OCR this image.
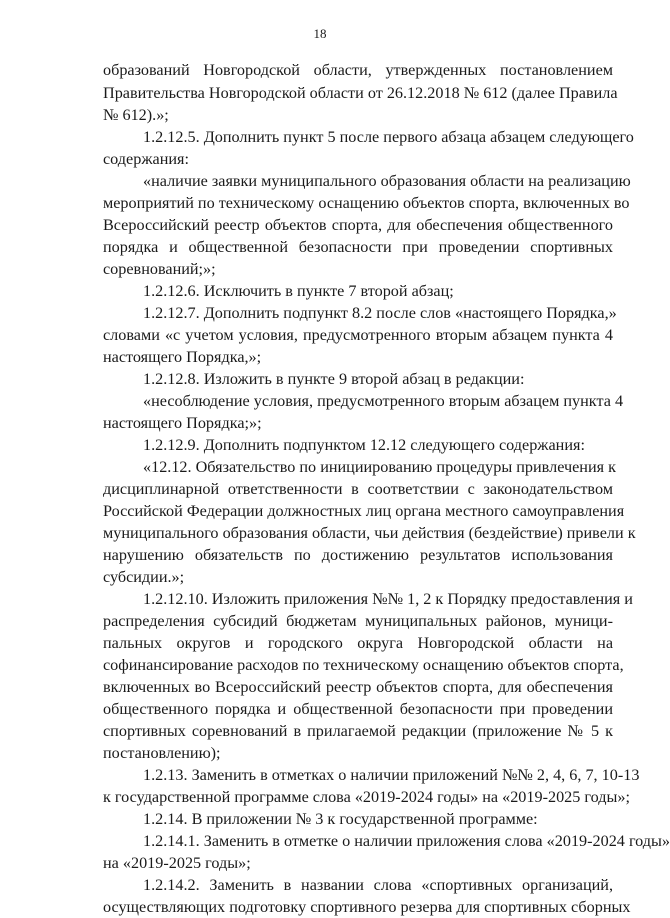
18
образований Новгородской области, утвержденных постановлением
Правительства Новгородской области от 26.12.2018 № 612 (далее Правила
№ 612).»;
1.2.12.5. Дополнить пункт 5 после первого абзаца абзацем следующего
содержания:
«наличие заявки муниципального образования области на реализацию
мероприятий по техническому оснащению объектов спорта, включенных во
Всероссийский реестр объектов спорта, для обеспечения общественного
порядка и общественной безопасности при проведении спортивных
соревнований;»;
1.2.12.6. Исключить в пункте 7 второй абзац;
1.2.12.7. Дополнить подпункт 8.2 после слов «настоящего Порядка,»
словами «с учетом условия, предусмотренного вторым абзацем пункта 4
настоящего Порядка,»;
1.2.12.8. Изложить в пункте 9 второй абзац в редакции:
«несоблюдение условия, предусмотренного вторым абзацем пункта 4
настоящего Порядка;»;
1.2.12.9. Дополнить подпунктом 12.12 следующего содержания:
«12.12. Обязательство по инициированию процедуры привлечения к
дисциплинарной ответственности в соответствии с законодательством
Российской Федерации должностных лиц органа местного самоуправления
муниципального образования области, чьи действия (бездействие) привели к
нарушению обязательств по достижению результатов использования
субсидии.»;
1.2.12.10. Изложить приложения №№ 1, 2 к Порядку предоставления и
распределения субсидий бюджетам муниципальных районов, муници-
пальных округов и городского округа Новгородской области на
софинансирование расходов по техническому оснащению объектов спорта,
включенных во Всероссийский реестр объектов спорта, для обеспечения
общественного порядка и общественной безопасности при проведении
спортивных соревнований в прилагаемой редакции (приложение № 5 к
постановлению);
1.2.13. Заменить в отметках о наличии приложений №№ 2, 4, 6, 7, 10-13
к государственной программе слова «2019-2024 годы» на «2019-2025 годы»;
1.2.14. В приложении № 3 к государственной программе:
1.2.14.1. Заменить в отметке о наличии приложения слова «2019-2024 годы»
на «2019-2025 годы»;
1.2.14.2. Заменить в названии слова «спортивных организаций,
осуществляющих подготовку спортивного резерва для спортивных сборных
